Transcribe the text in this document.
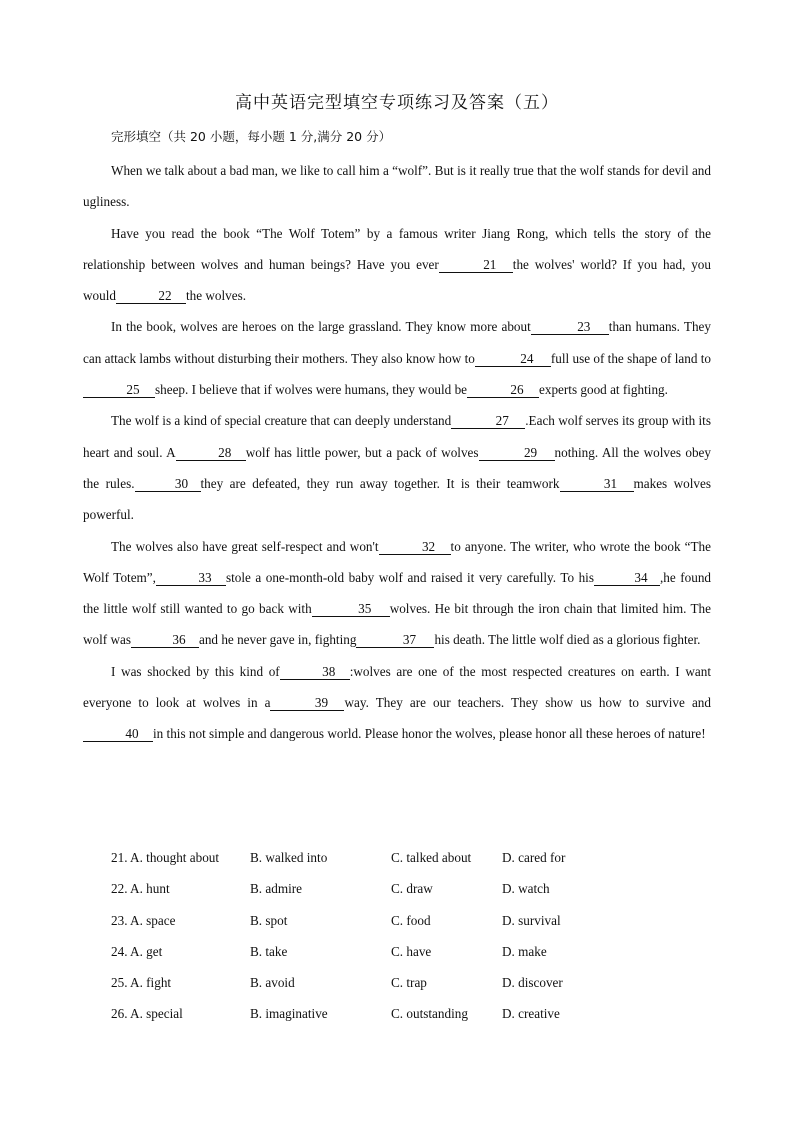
高中英语完型填空专项练习及答案（五）
完形填空（共 20 小题，每小题 1 分,满分 20 分）

When we talk about a bad man, we like to call him a “wolf”. But is it really true that the wolf stands for devil and ugliness.

Have you read the book “The Wolf Totem” by a famous writer Jiang Rong, which tells the story of the relationship between wolves and human beings? Have you ever	21 the wolves' world? If you had, you would	22 the wolves.

In the book, wolves are heroes on the large grassland. They know more about	23 than humans. They can attack lambs without disturbing their mothers. They also know how to	24 full use of the shape of land to25 sheep. I believe that if wolves were humans, they would be	26 experts good at fighting.

The wolf is a kind of special creature that can deeply understand	27 .Each wolf serves its group with its heart and soul. A	28 wolf has little power, but a pack of wolves	29 nothing. All the wolves obey the rules.	30 they are defeated, they run away together. It is their teamwork	31 makes wolves powerful.

The wolves also have great self-respect and won't	32 to anyone. The writer, who wrote the book “The Wolf Totem”,	33 stole a one-month-old baby wolf and raised it very carefully. To his	34 ,he found the little wolf still wanted to go back with	35 wolves. He bit through the iron chain that limited him. The wolf was	36 and he never gave in, fighting	37 his death. The little wolf died as a glorious fighter.

I was shocked by this kind of	38 :wolves are one of the most respected creatures on earth. I want everyone to look at wolves in a	39 way. They are our teachers. They show us how to survive and40 in this not simple and dangerous world. Please honor the wolves, please honor all these heroes of nature!

21. A. thought about B. walked into	C. talked about D. cared for
22. A. hunt	B. admire	C. draw	D. watch
23. A. space	B. spot	C. food	D. survival
24. A. get	B. take	C. have	D. make
25. A. fight	B. avoid	C. trap	D. discover
26. A. special	B. imaginative	C. outstanding	D. creative
